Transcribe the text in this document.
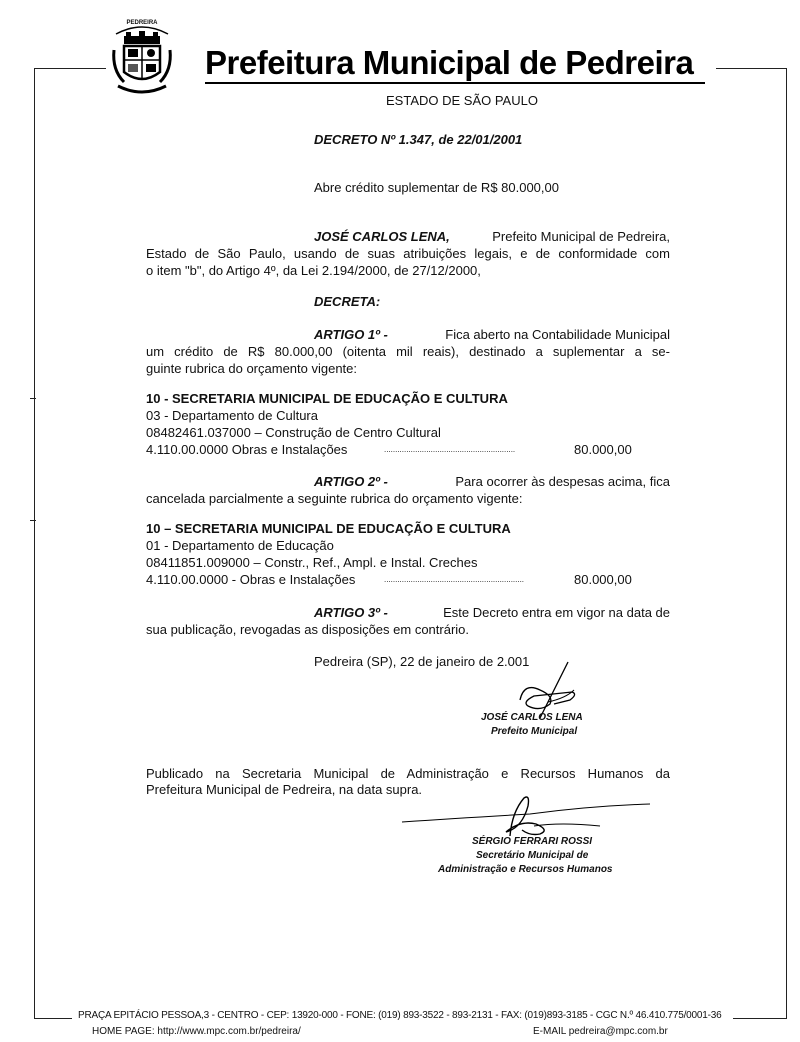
PEDREIRA
Prefeitura Municipal de Pedreira
ESTADO DE SÃO PAULO
DECRETO Nº 1.347, de 22/01/2001
Abre crédito suplementar de R$ 80.000,00
JOSÉ CARLOS LENA,	Prefeito Municipal de Pedreira,
Estado de São Paulo, usando de suas atribuições legais, e de conformidade com
o item "b", do Artigo 4º, da Lei 2.194/2000, de 27/12/2000,
DECRETA:
ARTIGO 1º -	Fica aberto na Contabilidade Municipal
um crédito de R$ 80.000,00 (oitenta mil reais), destinado a suplementar a se-
guinte rubrica do orçamento vigente:
10 - SECRETARIA MUNICIPAL DE EDUCAÇÃO E CULTURA
03 - Departamento de Cultura
08482461.037000 – Construção de Centro Cultural
4.110.00.0000 Obras e Instalações	...........................................................	80.000,00
ARTIGO 2º -	Para ocorrer às despesas acima, fica
cancelada parcialmente a seguinte rubrica do orçamento vigente:
10 – SECRETARIA MUNICIPAL DE EDUCAÇÃO E CULTURA
01 - Departamento de Educação
08411851.009000 – Constr., Ref., Ampl. e Instal. Creches
4.110.00.0000 - Obras e Instalações	...............................................................	80.000,00
ARTIGO 3º -	Este Decreto entra em vigor na data de
sua publicação, revogadas as disposições em contrário.
Pedreira (SP), 22 de janeiro de 2.001
JOSÉ CARLOS LENA
Prefeito Municipal
Publicado na Secretaria Municipal de Administração e Recursos Humanos da
Prefeitura Municipal de Pedreira, na data supra.
SÉRGIO FERRARI ROSSI
Secretário Municipal de
Administração e Recursos Humanos
PRAÇA EPITÁCIO PESSOA,3 - CENTRO - CEP: 13920-000 - FONE: (019) 893-3522 - 893-2131 - FAX: (019)893-3185 - CGC N.º 46.410.775/0001-36
HOME PAGE: http://www.mpc.com.br/pedreira/	E-MAIL pedreira@mpc.com.br
